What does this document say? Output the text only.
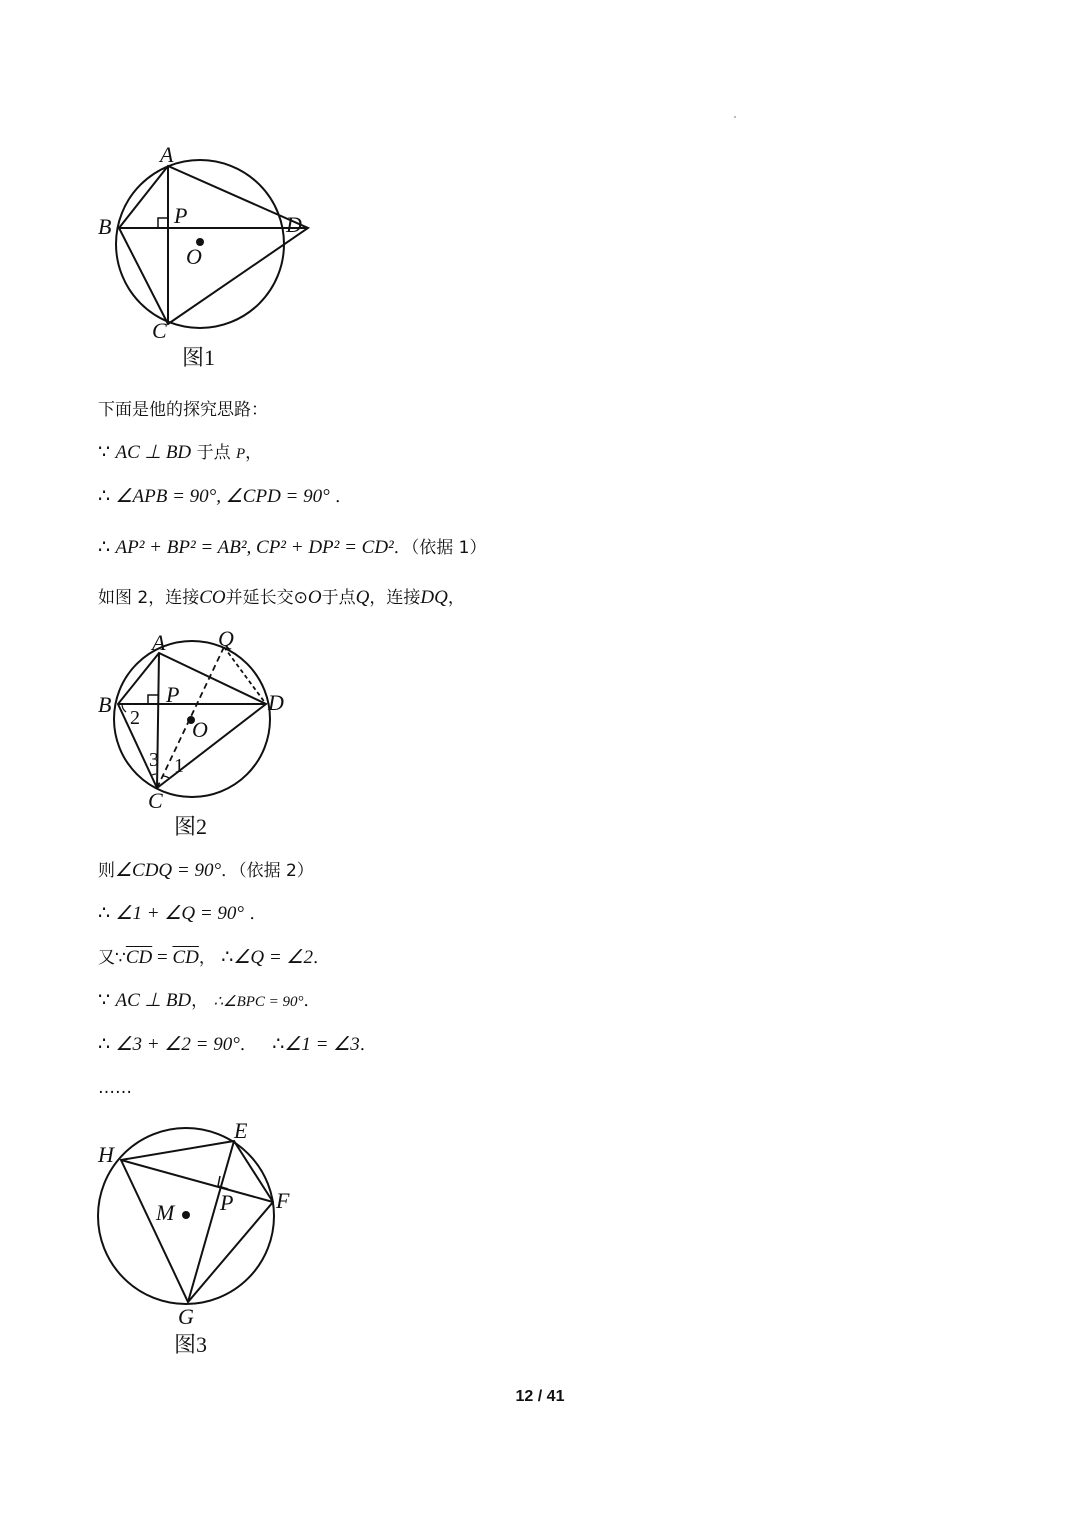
A
B
C
D
P
O
图1
下面是他的探究思路：
∵ AC ⊥ BD 于点 P，
∴ ∠APB = 90°, ∠CPD = 90° ．
∴ AP² + BP² = AB², CP² + DP² = CD²．（依据 1）
如图 2，连接CO并延长交⊙O于点Q，连接DQ，
A Q
B	D
P
O
C
2
3 1
图2
则∠CDQ = 90°．（依据 2）
∴ ∠1 + ∠Q = 90° ．
又$\because\overline{CD} = \overline{CD}$， ∴∠Q = ∠2．
∵ AC ⊥ BD， ∴∠BPC = 90°．
∴ ∠3 + ∠2 = 90°． ∴∠1 = ∠3．
……
E
H
F
P
M
G
图3
12 / 41
